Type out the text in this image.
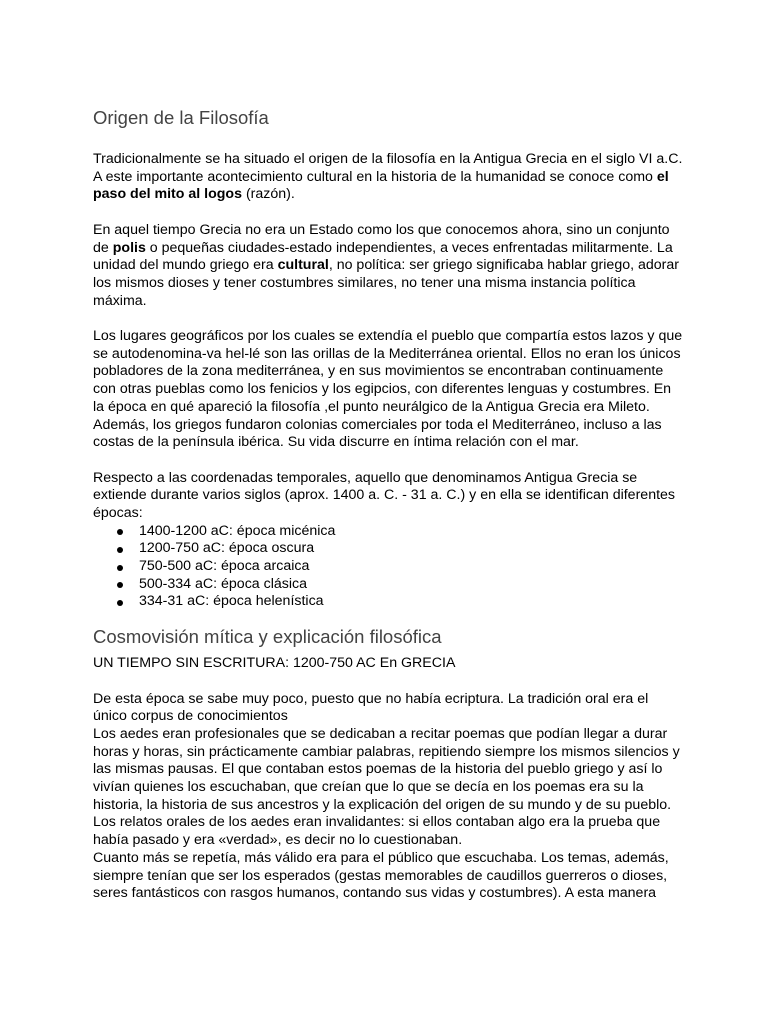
Origen de la Filosofía

Tradicionalmente se ha situado el origen de la filosofía en la Antigua Grecia en el siglo VI a.C. A este importante acontecimiento cultural en la historia de la humanidad se conoce como el paso del mito al logos (razón).

En aquel tiempo Grecia no era un Estado como los que conocemos ahora, sino un conjunto de polis o pequeñas ciudades-estado independientes, a veces enfrentadas militarmente. La unidad del mundo griego era cultural, no política: ser griego significaba hablar griego, adorar los mismos dioses y tener costumbres similares, no tener una misma instancia política máxima.

Los lugares geográficos por los cuales se extendía el pueblo que compartía estos lazos y que se autodenomina-va hel-lé son las orillas de la Mediterránea oriental. Ellos no eran los únicos pobladores de la zona mediterránea, y en sus movimientos se encontraban continuamente con otras pueblas como los fenicios y los egipcios, con diferentes lenguas y costumbres. En la época en qué apareció la filosofía ,el punto neurálgico de la Antigua Grecia era Mileto. Además, los griegos fundaron colonias comerciales por toda el Mediterráneo, incluso a las costas de la península ibérica. Su vida discurre en íntima relación con el mar.

Respecto a las coordenadas temporales, aquello que denominamos Antigua Grecia se extiende durante varios siglos (aprox. 1400 a. C. - 31 a. C.) y en ella se identifican diferentes épocas:

1400-1200 aC: época micénica
1200-750 aC: época oscura
750-500 aC: época arcaica
500-334 aC: época clásica
334-31 aC: época helenística
Cosmovisión mítica y explicación filosófica

UN TIEMPO SIN ESCRITURA: 1200-750 AC En GRECIA

De esta época se sabe muy poco, puesto que no había ecriptura. La tradición oral era el único corpus de conocimientos

Los aedes eran profesionales que se dedicaban a recitar poemas que podían llegar a durar horas y horas, sin prácticamente cambiar palabras, repitiendo siempre los mismos silencios y las mismas pausas. El que contaban estos poemas de la historia del pueblo griego y así lo vivían quienes los escuchaban, que creían que lo que se decía en los poemas era su la historia, la historia de sus ancestros y la explicación del origen de su mundo y de su pueblo.

Los relatos orales de los aedes eran invalidantes: si ellos contaban algo era la prueba que había pasado y era «verdad», es decir no lo cuestionaban.

Cuanto más se repetía, más válido era para el público que escuchaba. Los temas, además, siempre tenían que ser los esperados (gestas memorables de caudillos guerreros o dioses, seres fantásticos con rasgos humanos, contando sus vidas y costumbres). A esta manera
